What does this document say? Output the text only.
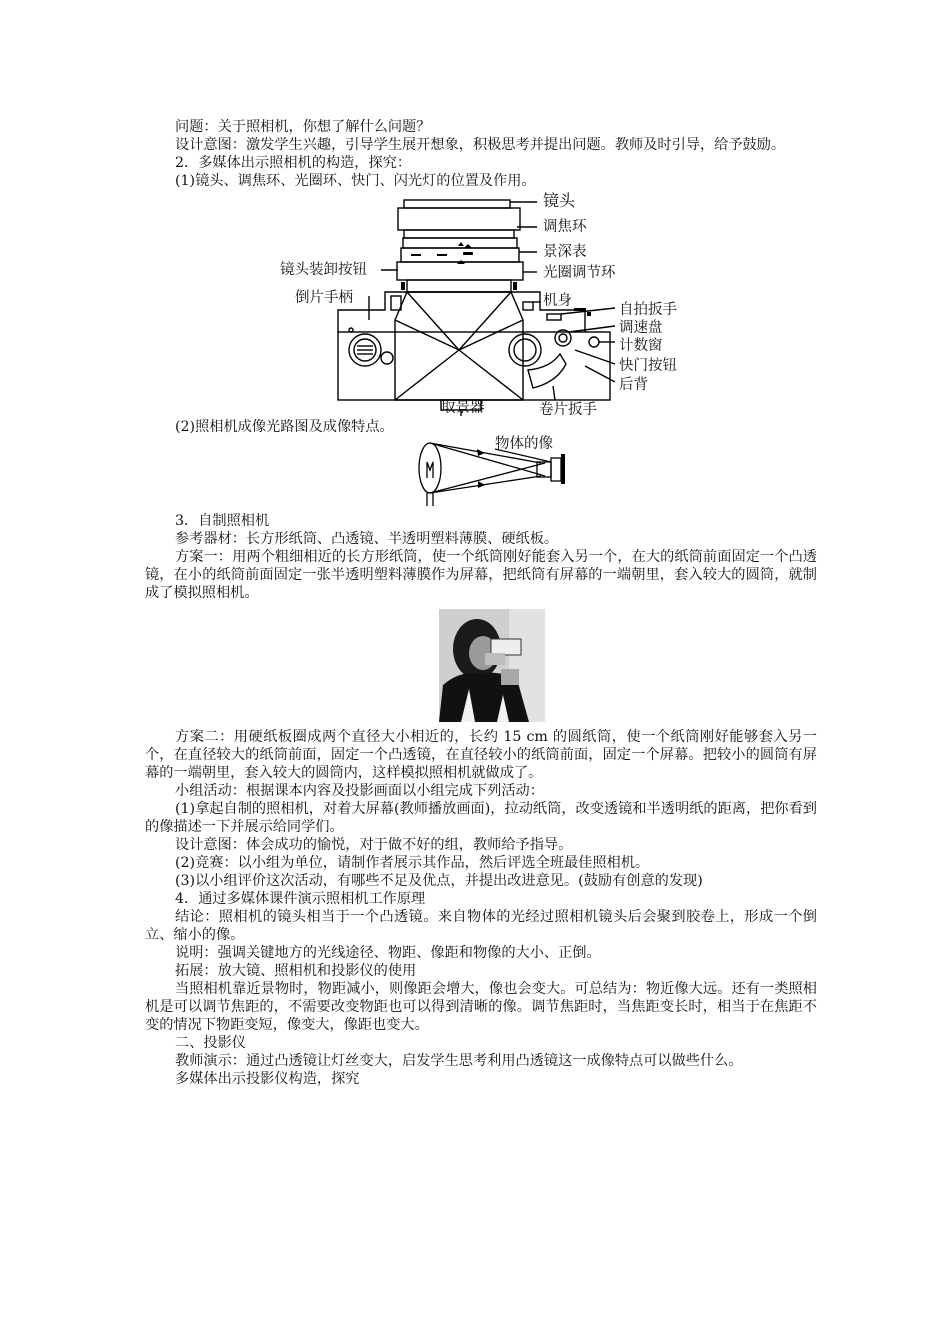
问题：关于照相机，你想了解什么问题？

设计意图：激发学生兴趣，引导学生展开想象，积极思考并提出问题。教师及时引导，给予鼓励。

2．多媒体出示照相机的构造，探究：

(1)镜头、调焦环、光圈环、快门、闪光灯的位置及作用。

镜头
调焦环
景深表
光圈调节环
镜头装卸按钮
倒片手柄	机身
自拍扳手
调速盘
计数窗
快门按钮
后背
取景器	卷片扳手

(2)照相机成像光路图及成像特点。

物体的像

3．自制照相机

参考器材：长方形纸筒、凸透镜、半透明塑料薄膜、硬纸板。

方案一：用两个粗细相近的长方形纸筒，使一个纸筒刚好能套入另一个，在大的纸筒前面固定一个凸透镜，在小的纸筒前面固定一张半透明塑料薄膜作为屏幕，把纸筒有屏幕的一端朝里，套入较大的圆筒，就制成了模拟照相机。

方案二：用硬纸板圈成两个直径大小相近的，长约 15 cm 的圆纸筒，使一个纸筒刚好能够套入另一个，在直径较大的纸筒前面，固定一个凸透镜，在直径较小的纸筒前面，固定一个屏幕。把较小的圆筒有屏幕的一端朝里，套入较大的圆筒内，这样模拟照相机就做成了。

小组活动：根据课本内容及投影画面以小组完成下列活动：

(1)拿起自制的照相机，对着大屏幕(教师播放画面)，拉动纸筒，改变透镜和半透明纸的距离，把你看到的像描述一下并展示给同学们。

设计意图：体会成功的愉悦，对于做不好的组，教师给予指导。

(2)竞赛：以小组为单位，请制作者展示其作品，然后评选全班最佳照相机。

(3)以小组评价这次活动，有哪些不足及优点，并提出改进意见。(鼓励有创意的发现)

4．通过多媒体课件演示照相机工作原理

结论：照相机的镜头相当于一个凸透镜。来自物体的光经过照相机镜头后会聚到胶卷上，形成一个倒立、缩小的像。

说明：强调关键地方的光线途径、物距、像距和物像的大小、正倒。

拓展：放大镜、照相机和投影仪的使用

当照相机靠近景物时，物距减小，则像距会增大，像也会变大。可总结为：物近像大远。还有一类照相机是可以调节焦距的，不需要改变物距也可以得到清晰的像。调节焦距时，当焦距变长时，相当于在焦距不变的情况下物距变短，像变大，像距也变大。

二、投影仪

教师演示：通过凸透镜让灯丝变大，启发学生思考利用凸透镜这一成像特点可以做些什么。

多媒体出示投影仪构造，探究
